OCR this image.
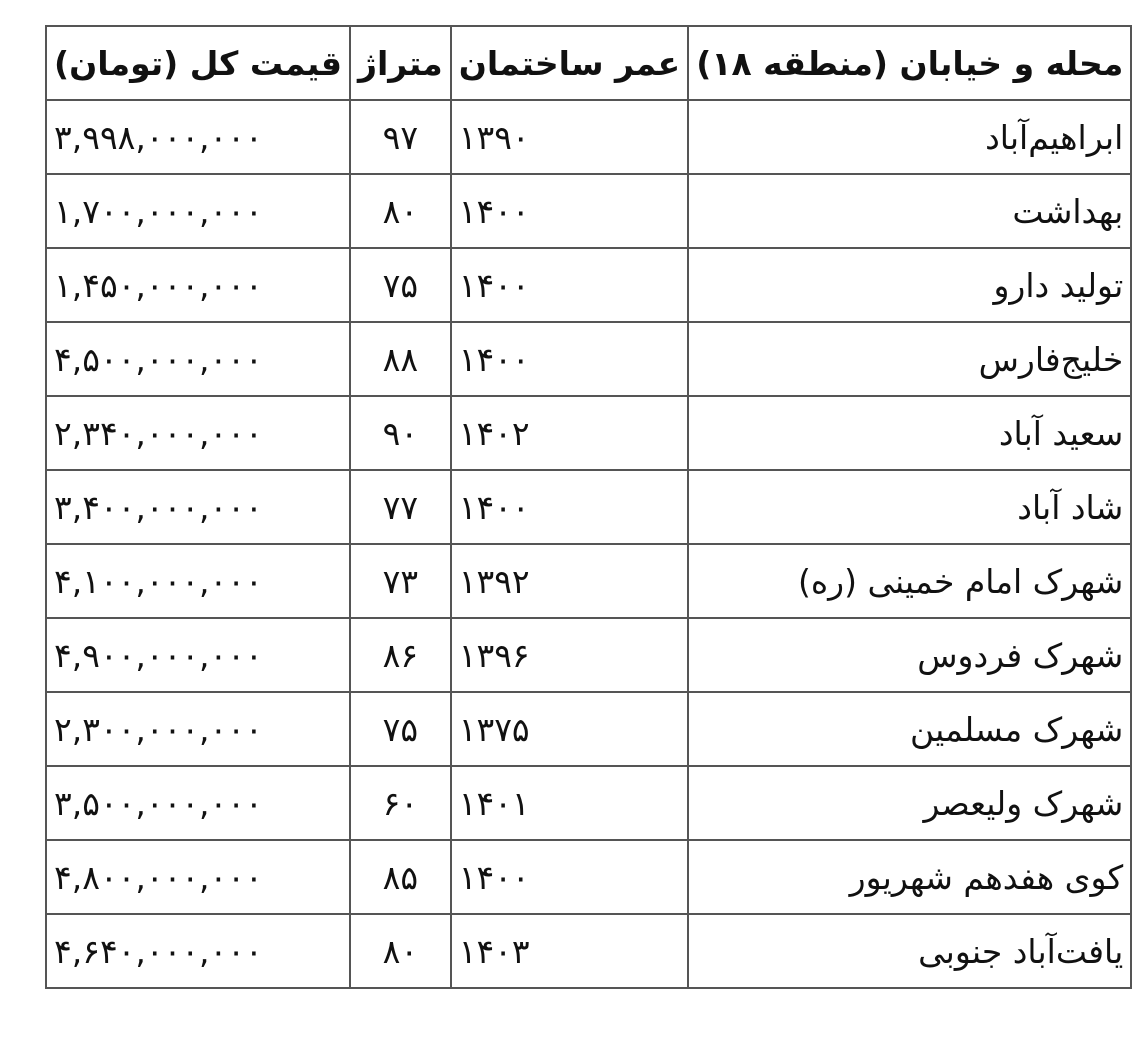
محله و خیابان (منطقه ۱۸)	عمر ساختمان	متراژ	قیمت کل (تومان)
ابراهیم‌آباد	۱۳۹۰	۹۷	۳,۹۹۸,۰۰۰,۰۰۰
بهداشت	۱۴۰۰	۸۰	۱,۷۰۰,۰۰۰,۰۰۰
تولید دارو	۱۴۰۰	۷۵	۱,۴۵۰,۰۰۰,۰۰۰
خلیج‌فارس	۱۴۰۰	۸۸	۴,۵۰۰,۰۰۰,۰۰۰
سعید آباد	۱۴۰۲	۹۰	۲,۳۴۰,۰۰۰,۰۰۰
شاد آباد	۱۴۰۰	۷۷	۳,۴۰۰,۰۰۰,۰۰۰
شهرک امام خمینی (ره)	۱۳۹۲	۷۳	۴,۱۰۰,۰۰۰,۰۰۰
شهرک فردوس	۱۳۹۶	۸۶	۴,۹۰۰,۰۰۰,۰۰۰
شهرک مسلمین	۱۳۷۵	۷۵	۲,۳۰۰,۰۰۰,۰۰۰
شهرک ولیعصر	۱۴۰۱	۶۰	۳,۵۰۰,۰۰۰,۰۰۰
کوی هفدهم شهریور	۱۴۰۰	۸۵	۴,۸۰۰,۰۰۰,۰۰۰
یافت‌آباد جنوبی	۱۴۰۳	۸۰	۴,۶۴۰,۰۰۰,۰۰۰
